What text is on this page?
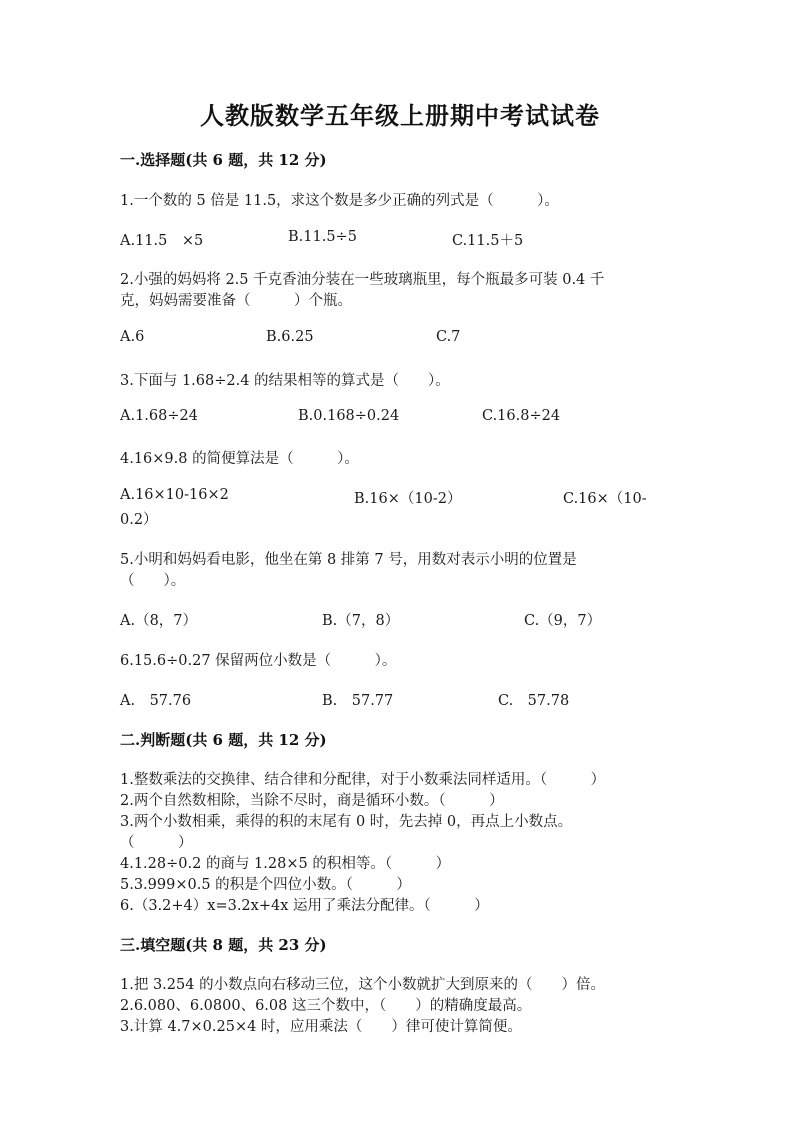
人教版数学五年级上册期中考试试卷
一.选择题(共 6 题，共 12 分)
1.一个数的 5 倍是 11.5，求这个数是多少正确的列式是（　　　）。
A.11.5　×5	B.11.5÷5	C.11.5＋5
2.小强的妈妈将 2.5 千克香油分装在一些玻璃瓶里，每个瓶最多可装 0.4 千
克，妈妈需要准备（　　　）个瓶。
A.6	B.6.25	C.7
3.下面与 1.68÷2.4 的结果相等的算式是（　　）。
A.1.68÷24	B.0.168÷0.24	C.16.8÷24
4.16×9.8 的简便算法是（　　　）。
A.16×10-16×2	B.16×（10-2）	C.16×（10-
0.2）
5.小明和妈妈看电影，他坐在第 8 排第 7 号，用数对表示小明的位置是
（　　）。
A.（8，7）	B.（7，8）	C.（9，7）
6.15.6÷0.27 保留两位小数是（　　　）。
A.　57.76	B.　57.77	C.　57.78
二.判断题(共 6 题，共 12 分)
1.整数乘法的交换律、结合律和分配律，对于小数乘法同样适用。（　　　）
2.两个自然数相除，当除不尽时，商是循环小数。（　　　）
3.两个小数相乘，乘得的积的末尾有 0 时，先去掉 0，再点上小数点。
（　　　）
4.1.28÷0.2 的商与 1.28×5 的积相等。（　　　）
5.3.999×0.5 的积是个四位小数。（　　　）
6.（3.2+4）x=3.2x+4x 运用了乘法分配律。（　　　）
三.填空题(共 8 题，共 23 分)
1.把 3.254 的小数点向右移动三位，这个小数就扩大到原来的（　　）倍。
2.6.080、6.0800、6.08 这三个数中，（　　）的精确度最高。
3.计算 4.7×0.25×4 时，应用乘法（　　）律可使计算简便。
